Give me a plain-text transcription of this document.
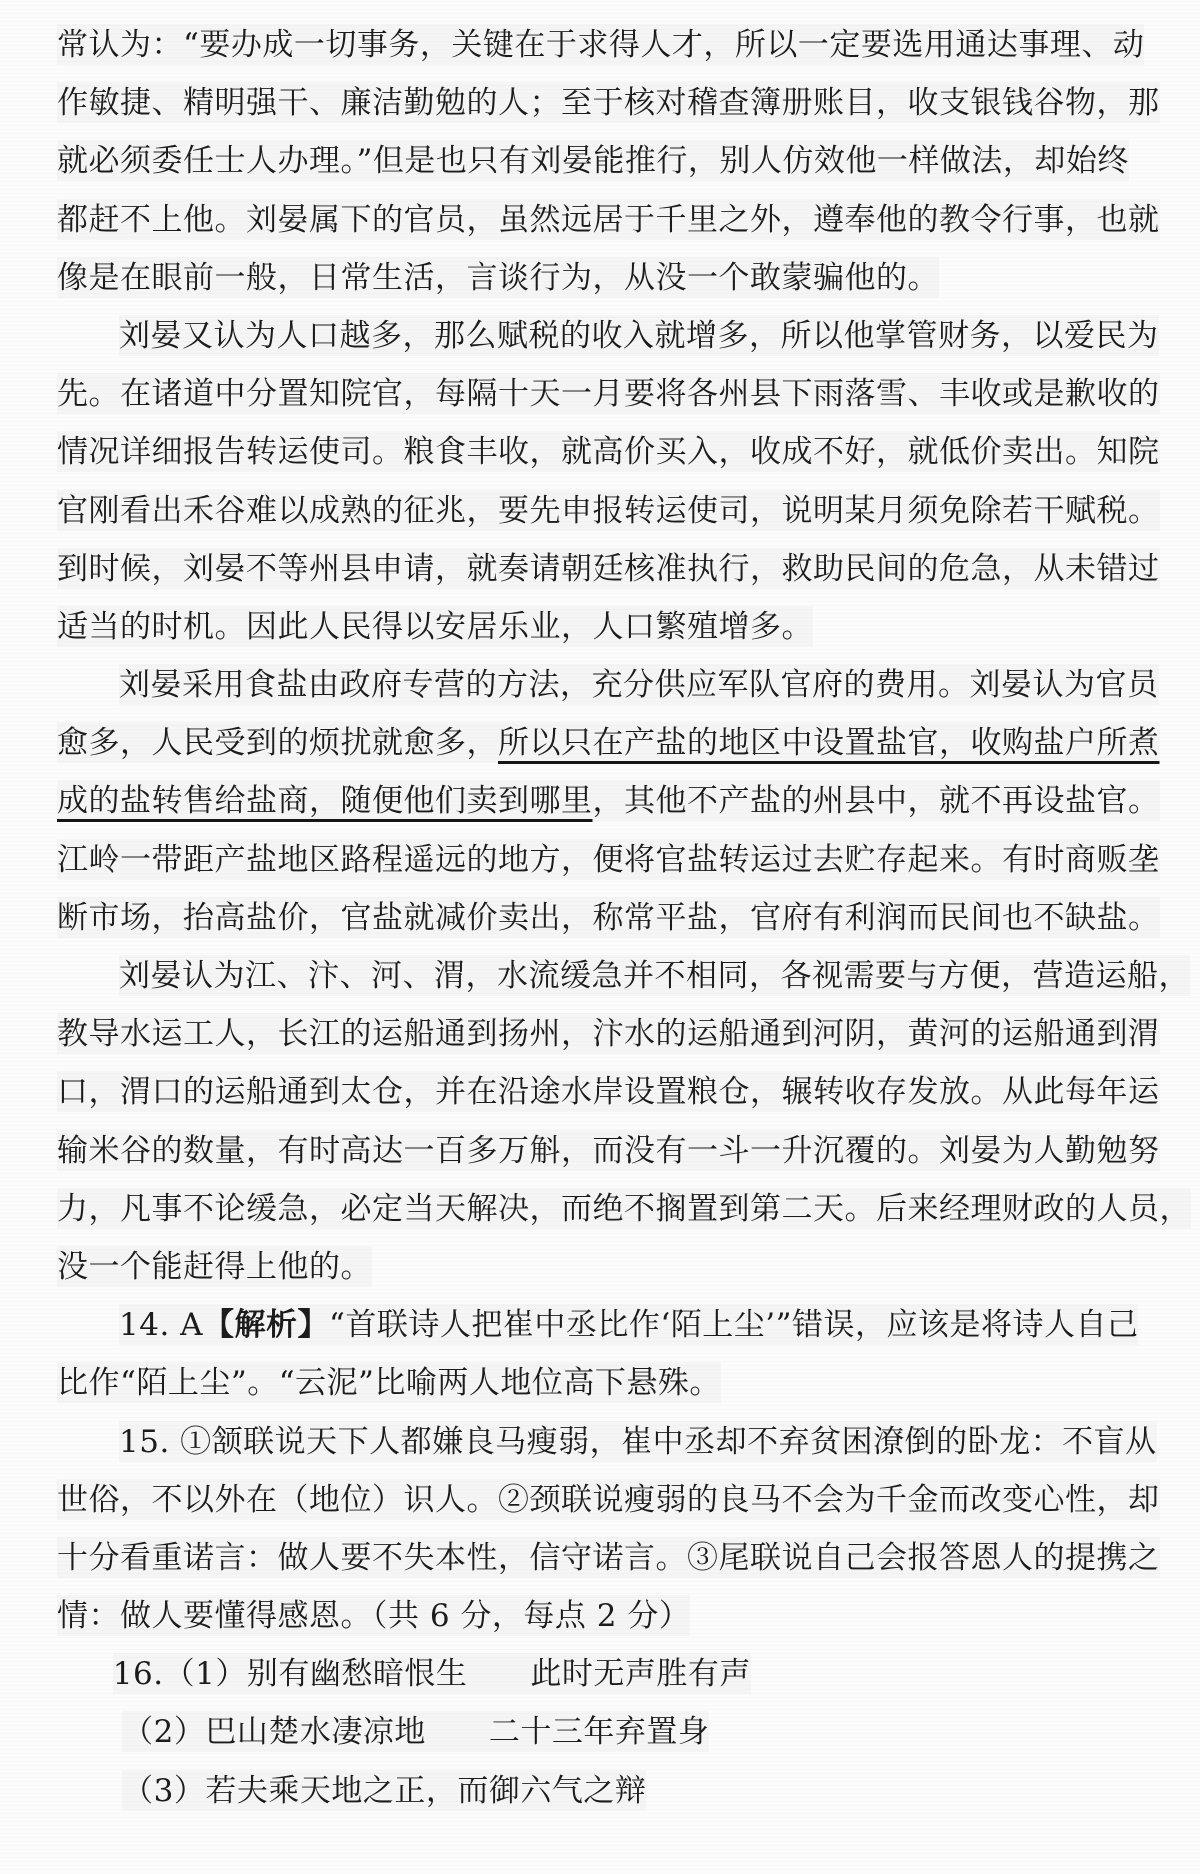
常认为：“要办成一切事务，关键在于求得人才，所以一定要选用通达事理、动
作敏捷、精明强干、廉洁勤勉的人；至于核对稽查簿册账目，收支银钱谷物，那
就必须委任士人办理。”但是也只有刘晏能推行，别人仿效他一样做法，却始终
都赶不上他。刘晏属下的官员，虽然远居于千里之外，遵奉他的教令行事，也就
像是在眼前一般，日常生活，言谈行为，从没一个敢蒙骗他的。
刘晏又认为人口越多，那么赋税的收入就增多，所以他掌管财务，以爱民为
先。在诸道中分置知院官，每隔十天一月要将各州县下雨落雪、丰收或是歉收的
情况详细报告转运使司。粮食丰收，就高价买入，收成不好，就低价卖出。知院
官刚看出禾谷难以成熟的征兆，要先申报转运使司，说明某月须免除若干赋税。
到时候，刘晏不等州县申请，就奏请朝廷核准执行，救助民间的危急，从未错过
适当的时机。因此人民得以安居乐业，人口繁殖增多。
刘晏采用食盐由政府专营的方法，充分供应军队官府的费用。刘晏认为官员
愈多，人民受到的烦扰就愈多，所以只在产盐的地区中设置盐官，收购盐户所煮
成的盐转售给盐商，随便他们卖到哪里，其他不产盐的州县中，就不再设盐官。
江岭一带距产盐地区路程遥远的地方，便将官盐转运过去贮存起来。有时商贩垄
断市场，抬高盐价，官盐就减价卖出，称常平盐，官府有利润而民间也不缺盐。
刘晏认为江、汴、河、渭，水流缓急并不相同，各视需要与方便，营造运船，
教导水运工人，长江的运船通到扬州，汴水的运船通到河阴，黄河的运船通到渭
口，渭口的运船通到太仓，并在沿途水岸设置粮仓，辗转收存发放。从此每年运
输米谷的数量，有时高达一百多万斛，而没有一斗一升沉覆的。刘晏为人勤勉努
力，凡事不论缓急，必定当天解决，而绝不搁置到第二天。后来经理财政的人员，
没一个能赶得上他的。
14. A【解析】“首联诗人把崔中丞比作‘陌上尘’”错误，应该是将诗人自己
比作“陌上尘”。“云泥”比喻两人地位高下悬殊。
15. ①颔联说天下人都嫌良马瘦弱，崔中丞却不弃贫困潦倒的卧龙：不盲从
世俗，不以外在（地位）识人。②颈联说瘦弱的良马不会为千金而改变心性，却
十分看重诺言：做人要不失本性，信守诺言。③尾联说自己会报答恩人的提携之
情：做人要懂得感恩。（共 6 分，每点 2 分）
16.（1）别有幽愁暗恨生　　此时无声胜有声
（2）巴山楚水凄凉地　　二十三年弃置身
（3）若夫乘天地之正，而御六气之辩
